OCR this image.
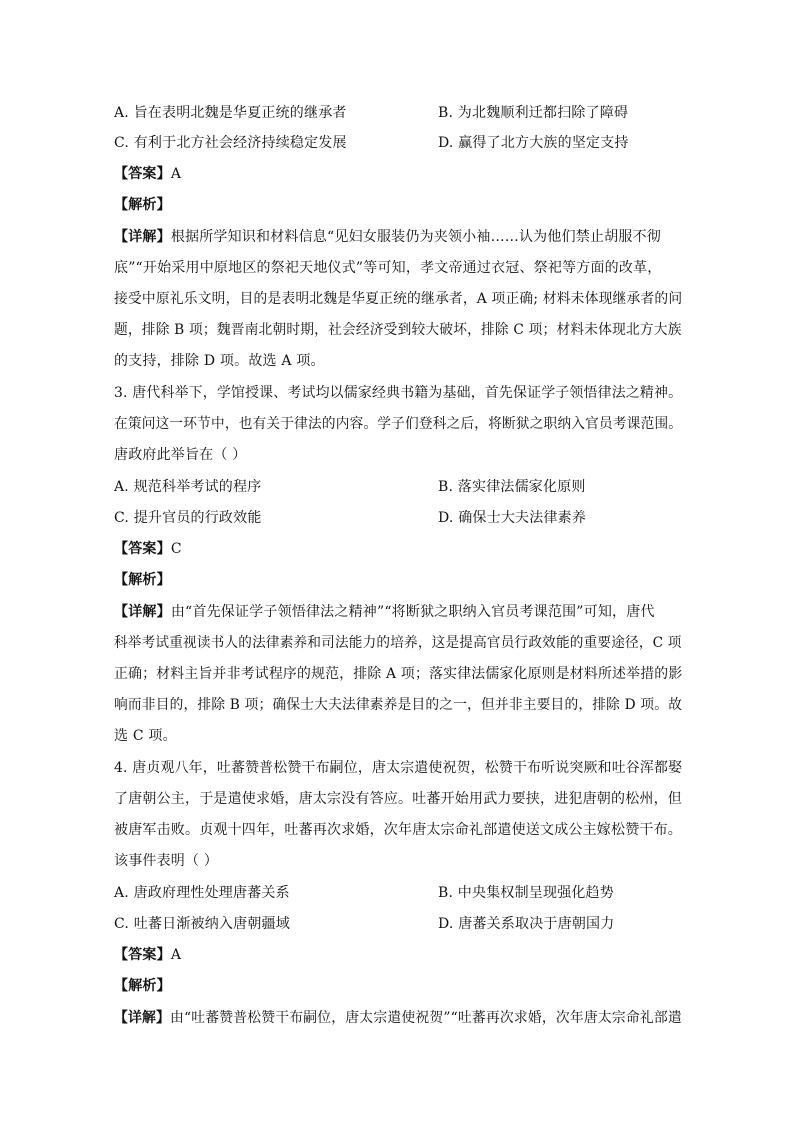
A. 旨在表明北魏是华夏正统的继承者	B. 为北魏顺利迁都扫除了障碍
C. 有利于北方社会经济持续稳定发展	D. 赢得了北方大族的坚定支持
【答案】A
【解析】
【详解】根据所学知识和材料信息“见妇女服装仍为夹领小袖……认为他们禁止胡服不彻
底”“开始采用中原地区的祭祀天地仪式”等可知，孝文帝通过衣冠、祭祀等方面的改革，
接受中原礼乐文明，目的是表明北魏是华夏正统的继承者，A 项正确; 材料未体现继承者的问
题，排除 B 项；魏晋南北朝时期，社会经济受到较大破坏，排除 C 项；材料未体现北方大族
的支持，排除 D 项。故选 A 项。
3. 唐代科举下，学馆授课、考试均以儒家经典书籍为基础，首先保证学子领悟律法之精神。
在策问这一环节中，也有关于律法的内容。学子们登科之后，将断狱之职纳入官员考课范围。
唐政府此举旨在（ ）
A. 规范科举考试的程序	B. 落实律法儒家化原则
C. 提升官员的行政效能	D. 确保士大夫法律素养
【答案】C
【解析】
【详解】由“首先保证学子领悟律法之精神”“将断狱之职纳入官员考课范围”可知，唐代
科举考试重视读书人的法律素养和司法能力的培养，这是提高官员行政效能的重要途径，C 项
正确；材料主旨并非考试程序的规范，排除 A 项；落实律法儒家化原则是材料所述举措的影
响而非目的，排除 B 项；确保士大夫法律素养是目的之一，但并非主要目的，排除 D 项。故
选 C 项。
4. 唐贞观八年，吐蕃赞普松赞干布嗣位，唐太宗遣使祝贺，松赞干布听说突厥和吐谷浑都娶
了唐朝公主，于是遣使求婚，唐太宗没有答应。吐蕃开始用武力要挟，进犯唐朝的松州，但
被唐军击败。贞观十四年，吐蕃再次求婚，次年唐太宗命礼部遣使送文成公主嫁松赞干布。
该事件表明（ ）
A. 唐政府理性处理唐蕃关系	B. 中央集权制呈现强化趋势
C. 吐蕃日渐被纳入唐朝疆域	D. 唐蕃关系取决于唐朝国力
【答案】A
【解析】
【详解】由“吐蕃赞普松赞干布嗣位，唐太宗遣使祝贺”“吐蕃再次求婚，次年唐太宗命礼部遣
